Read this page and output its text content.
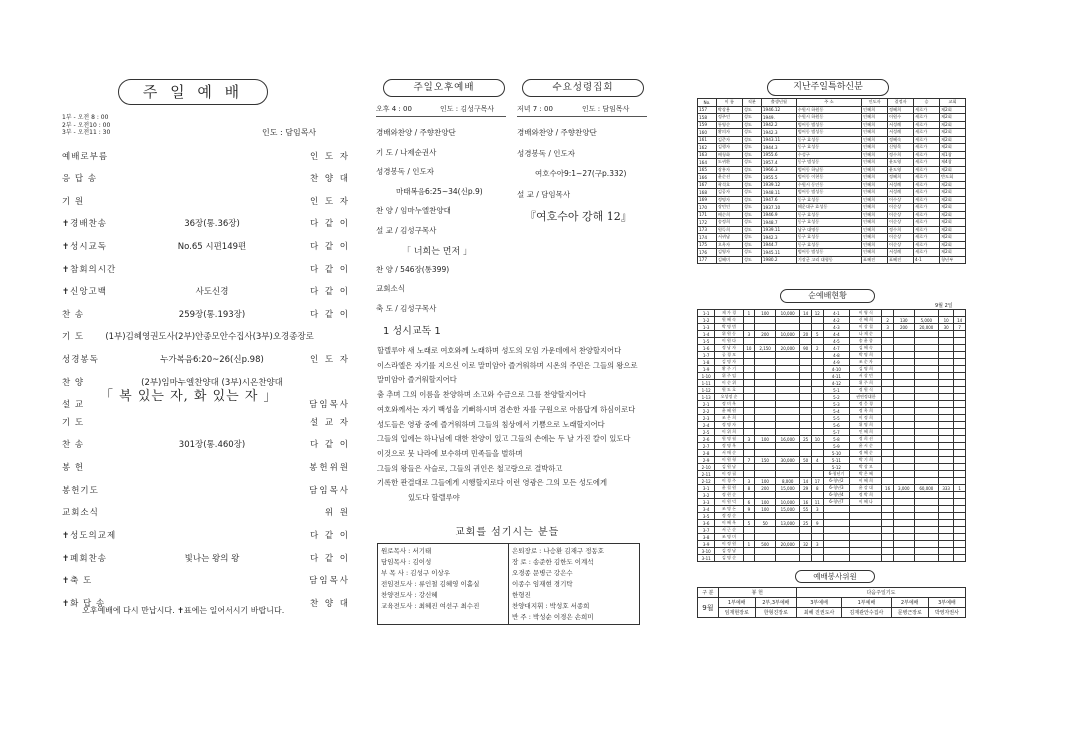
주 일 예 배
1부 - 오전 8 : 00
2부 - 오전10 : 00
3부 - 오전11 : 30	인도 : 담임목사
예배로부름	인 도 자
응 답 송	찬 양 대
기 원	인 도 자
✝경배찬송	36장(통.36장)	다 같 이
✝성시교독	No.65 시편149편	다 같 이
✝참회의시간	다 같 이
✝신앙고백	사도신경	다 같 이
찬 송	259장(통.193장)	다 같 이
기 도	(1부)김혜영권도사(2부)안종모안수집사(3부)오경종장로
성경봉독	누가복음6:20~26(신p.98)	인 도 자
찬 양	(2부)임마누엘찬양대 (3부)시온찬양대
설 교	담임목사
「 복 있는 자, 화 있는 자 」
기 도	설 교 자
찬 송	301장(통.460장)	다 같 이
봉 헌	봉헌위원
봉헌기도	담임목사
교회소식	위 원
✝성도의교제	다 같 이
✝폐회찬송	빛나는 왕의 왕	다 같 이
✝축 도	담임목사
✝화 답 송	찬 양 대
오후예배에 다시 만납시다. ✝표에는 일어서시기 바랍니다.
주일오후예배	수요성령집회
오후 4 : 00	인도 : 김성구목사
경배와찬양 / 주향찬양단
기 도 / 나제순권사
성경봉독 / 인도자
마태복음6:25~34(신p.9)
찬 양 / 임마누엘찬양대
설 교 / 김성구목사
「 너희는 먼저 」
찬 양 / 546장(통399)
교회소식
축 도 / 김성구목사
저녁 7 : 00	인도 : 담임목사
경배와찬양 / 주향찬양단
성경봉독 / 인도자
여호수아9:1~27(구p.332)
설 교 / 담임목사
『여호수아 강해 12』
1 성시교독 1
할렐루야 새 노래로 여호와께 노래하며 성도의 모임 가운데에서 찬양할지어다
이스라엘은 자기를 지으신 이로 말미암아 즐거워하며 시온의 주민은 그들의 왕으로
말미암아 즐거워할지어다
춤 추며 그의 이름을 찬양하며 소고와 수금으로 그를 찬양할지어다
여호와께서는 자기 백성을 기뻐하시며 겸손한 자를 구원으로 아름답게 하심이로다
성도들은 영광 중에 즐거워하며 그들의 침상에서 기쁨으로 노래할지어다
그들의 입에는 하나님에 대한 찬양이 있고 그들의 손에는 두 날 가진 칼이 있도다
이것으로 뭇 나라에 보수하며 민족들을 벌하며
그들의 왕들은 사슬로, 그들의 귀인은 철고랑으로 결박하고
기록한 판결대로 그들에게 시행할지로다 이런 영광은 그의 모든 성도에게
있도다 할렐루야
교회를 섬기시는 분들
원로목사 : 서기태
담임목사 : 김이성
부 목 사 : 김성구 이상우
전임전도사 : 류인철 김혜영 이홀실
찬양전도사 : 강신혜
교육전도사 : 최혜진 여선구 최수진

은퇴장로 : 나승환 김재구 정동호
장 로 : 송준한 김한도 이계석
오경종 문병근 강은수
이종수 임재현 경기탁
한형진
찬양대지휘 : 박성호 서종희
반 주 : 박성순 이경은 손희미
지난주일특하신분
No.	이 름	직분	출생년월	주 소	인도자	결정자	승	교회
157	박상용	성도	1946.12	수원시 하원동	인혜희	정혜희	세로가	제2회
158	정주인	성도	1949.	수원시 하원동	인혜희	이원수	세로가	제2회
159	통영순	성도	1942.2	범어동 범성동	인혜희	서성례	세로가	제2회
160	황의자	성도	1942.3	범어동 범성동	인혜희	서성례	세로가	제2회
161	김준자	성도	1943.11	동구 효성동	인혜희	정혜숙	세로가	제2회
162	김행자	성도	1944.3	동구 효성동	인혜희	신영목	세로가	제2회
163	배청화	성도	1955.6	수성구	인혜희	정수희	세로가	제1참
164	도귀환	성도	1957.4	동구 범성동	인혜희	윤도영	세로가	제4참
165	장홍자	성도	1966.3	범어동 하남동	인혜희	윤도영	세로가	제2회
166	윤순선	성도	1955.5	범어동 이현동	인혜희	정혜희	세로가	반도회
167	곽석호	성도	1939.12	수원시 동인동	인혜희	서성례	세로가	제2회
168	김공자	성도	1948.11	범어동 범성동	인혜희	서성례	세로가	제2회
169	정명자	성도	1947.6	동구 효성동	인혜희	이수상	세로가	제2회
170	장민인	성도	1937.10	해운대구 효성동	인혜희	이순상	세로가	제2회
171	배순희	성도	1946.9	동구 효성동	인혜희	이순상	세로가	제2회
172	송정희	성도	1948.7	동구 효성동	인혜희	이순상	세로가	제2회
173	원득희	성도	1939.11	남구 대명동	인혜희	정수희	세로가	제2회
174	서귀남	성도	1942.3	동구 효성동	인혜희	이순상	세로가	제2회
175	오옥자	성도	1944.7	동구 효성동	인혜희	이순상	세로가	제2회
176	김영자	성도	1945.11	범어동 범성동	인혜희	서성례	세로가	제2회
177	김혜미	성도	1980.2	기장군 고리 대형동	표혜진	표혜진	4-1	청년부
순예배현황
9월 2일
1-1	제 가 경	1	100	10,000	14	12	4-1	이 영 식					
1-2	원 혜 숙						4-2	신 혜 희	2	130	5,000	10	14
1-3	박 명 범						4-3	이 상 철	3	200	20,000	30	7
1-4	위 원 동	3	200	10,000	20	5	4-4	나 제 순					
1-5	이 원 다						4-5	송 윤 종					
1-6	정 남 자	10	2,150	20,000	90	2	4-7	김 혜 숙					
1-7	공 경 모						4-8	박 명 희					
1-8	김 명 자						4-9	조 순 자					
1-9	황 주 기						4-10	김 명 희					
1-10	위 주 임						4-11	서 상 민					
1-11	이 순 위						4-12	위 주 희					
1-12	원 도 호						5-1	정 원 식					
1-13	오성정 순						5-2	권연정대한					
2-1	정 미 옥						5-3	정 응 경					
2-2	윤 혜 원						5-4	정 옥 희					
2-3	조 은 희						5-5	이 정 희					
2-4	정 명 자						5-6	위 명 희					
2-5	이 위 희						5-7	인 혜 희					
2-6	원 명 월	3	100	16,000	25	10	5-8	정 희 선					
2-7	정 명 옥						5-9	윤 시 순					
2-8	서 매 순						5-10	정 혜 순					
2-9	이 원 형	7	150	30,000	50	4	5-11	박 기 희					
2-10	김 원 남						5-12	박 상 모					
2-11	이 정 필						6-청년기	박 은 혜					
2-12	이 경 주	3	100	8,000	14	17	6-청년2	이 혜 희					
3-1	윤 철 원	8	200	15,000	29	8	6-청년3	윤 강 대	16	3,000	60,000	333	1
3-2	정 현 순						6-청년4	정 박 희					
3-3	이 원 덕	6	100	10,000	16	11	6-청년7	이 혜 나					
3-4	조 명 돈	9	100	15,000	55	3							
3-5	정 정 순												
3-6	이 혜 옥	5	50	13,000	25	9							
3-7	서 근 순												
3-8	조 명 미												
3-9	이 정 원	1	500	20,000	32	3							
3-10	김 정 남												
3-11	김 명 순												
예배봉사위원
구 분	봉 헌		다음주일기도			
9월	1부예배	2부,3부예배	3부예배	1부예배	2부예배	3부예배
	임재현장로	한형진장로	최혜 진권도사	김재관안수집사	문병근장로	박영자권사
